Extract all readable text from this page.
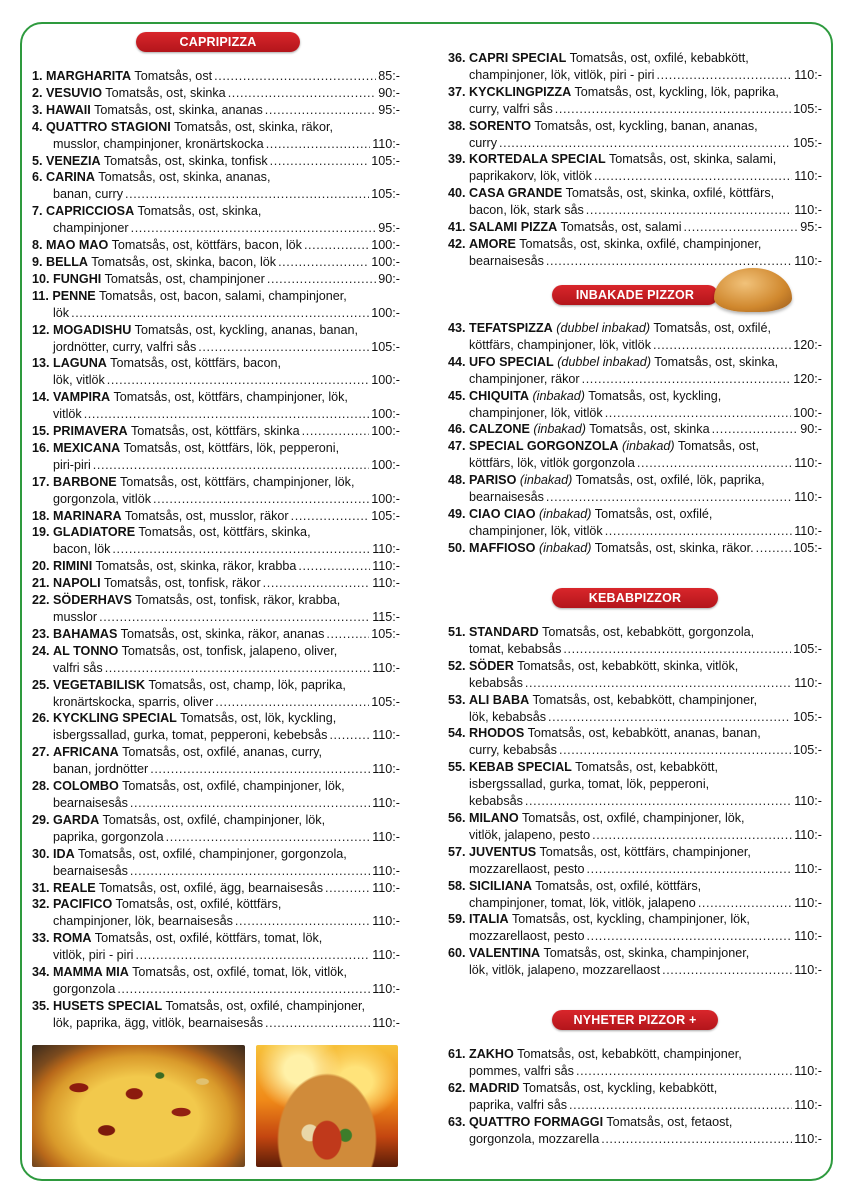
CAPRIPIZZA
1. MARGHARITA Tomatsås, ost .....	85:-
2. VESUVIO Tomatsås, ost, skinka .....	90:-
3. HAWAII Tomatsås, ost, skinka, ananas .....	95:-
4. QUATTRO STAGIONI Tomatsås, ost, skinka, räkor,
musslor, champinjoner, kronärtskocka .....	110:-
5. VENEZIA Tomatsås, ost, skinka, tonfisk .....	105:-
6. CARINA Tomatsås, ost, skinka, ananas,
banan, curry .....	105:-
7. CAPRICCIOSA Tomatsås, ost, skinka,
champinjoner .....	95:-
8. MAO MAO Tomatsås, ost, köttfärs, bacon, lök .....	100:-
9. BELLA Tomatsås, ost, skinka, bacon, lök .....	100:-
10. FUNGHI Tomatsås, ost, champinjoner .....	90:-
11. PENNE Tomatsås, ost, bacon, salami, champinjoner,
lök .....	100:-
12. MOGADISHU Tomatsås, ost, kyckling, ananas, banan,
jordnötter, curry, valfri sås .....	105:-
13. LAGUNA Tomatsås, ost, köttfärs, bacon,
lök, vitlök .....	100:-
14. VAMPIRA Tomatsås, ost, köttfärs, champinjoner, lök,
vitlök .....	100:-
15. PRIMAVERA Tomatsås, ost, köttfärs, skinka .....	100:-
16. MEXICANA Tomatsås, ost, köttfärs, lök, pepperoni,
piri-piri .....	100:-
17. BARBONE Tomatsås, ost, köttfärs, champinjoner, lök,
gorgonzola, vitlök .....	100:-
18. MARINARA Tomatsås, ost, musslor, räkor .....	105:-
19. GLADIATORE Tomatsås, ost, köttfärs, skinka,
bacon, lök .....	110:-
20. RIMINI Tomatsås, ost, skinka, räkor, krabba .....	110:-
21. NAPOLI Tomatsås, ost, tonfisk, räkor .....	110:-
22. SÖDERHAVS Tomatsås, ost, tonfisk, räkor, krabba,
musslor .....	115:-
23. BAHAMAS Tomatsås, ost, skinka, räkor, ananas .....	105:-
24. AL TONNO Tomatsås, ost, tonfisk, jalapeno, oliver,
valfri sås .....	110:-
25. VEGETABILISK Tomatsås, ost, champ, lök, paprika,
kronärtskocka, sparris, oliver .....	105:-
26. KYCKLING SPECIAL Tomatsås, ost, lök, kyckling,
isbergssallad, gurka, tomat, pepperoni, kebebsås .....	110:-
27. AFRICANA Tomatsås, ost, oxfilé, ananas, curry,
banan, jordnötter .....	110:-
28. COLOMBO Tomatsås, ost, oxfilé, champinjoner, lök,
bearnaisesås .....	110:-
29. GARDA Tomatsås, ost, oxfilé, champinjoner, lök,
paprika, gorgonzola .....	110:-
30. IDA Tomatsås, ost, oxfilé, champinjoner, gorgonzola,
bearnaisesås .....	110:-
31. REALE Tomatsås, ost, oxfilé, ägg, bearnaisesås .....	110:-
32. PACIFICO Tomatsås, ost, oxfilé, köttfärs,
champinjoner, lök, bearnaisesås .....	110:-
33. ROMA Tomatsås, ost, oxfilé, köttfärs, tomat, lök,
vitlök, piri - piri .....	110:-
34. MAMMA MIA Tomatsås, ost, oxfilé, tomat, lök, vitlök,
gorgonzola .....	110:-
35. HUSETS SPECIAL Tomatsås, ost, oxfilé, champinjoner,
lök, paprika, ägg, vitlök, bearnaisesås .....	110:-
36. CAPRI SPECIAL Tomatsås, ost, oxfilé, kebabkött,
champinjoner, lök, vitlök, piri - piri .....	110:-
37. KYCKLINGPIZZA Tomatsås, ost, kyckling, lök, paprika,
curry, valfri sås .....	105:-
38. SORENTO Tomatsås, ost, kyckling, banan, ananas,
curry .....	105:-
39. KORTEDALA SPECIAL Tomatsås, ost, skinka, salami,
paprikakorv, lök, vitlök .....	110:-
40. CASA GRANDE Tomatsås, ost, skinka, oxfilé, köttfärs,
bacon, lök, stark sås .....	110:-
41. SALAMI PIZZA Tomatsås, ost, salami .....	95:-
42. AMORE Tomatsås, ost, skinka, oxfilé, champinjoner,
bearnaisesås .....	110:-
INBAKADE PIZZOR
43. TEFATSPIZZA (dubbel inbakad) Tomatsås, ost, oxfilé,
köttfärs, champinjoner, lök, vitlök .....	120:-
44. UFO SPECIAL (dubbel inbakad) Tomatsås, ost, skinka,
champinjoner, räkor .....	120:-
45. CHIQUITA (inbakad) Tomatsås, ost, kyckling,
champinjoner, lök, vitlök .....	100:-
46. CALZONE (inbakad) Tomatsås, ost, skinka .....	90:-
47. SPECIAL GORGONZOLA (inbakad) Tomatsås, ost,
köttfärs, lök, vitlök gorgonzola .....	110:-
48. PARISO (inbakad) Tomatsås, ost, oxfilé, lök, paprika,
bearnaisesås .....	110:-
49. CIAO CIAO (inbakad) Tomatsås, ost, oxfilé,
champinjoner, lök, vitlök .....	110:-
50. MAFFIOSO (inbakad) Tomatsås, ost, skinka, räkor. .....	105:-
KEBABPIZZOR
51. STANDARD Tomatsås, ost, kebabkött, gorgonzola,
tomat, kebabsås .....	105:-
52. SÖDER Tomatsås, ost, kebabkött, skinka, vitlök,
kebabsås .....	110:-
53. ALI BABA Tomatsås, ost, kebabkött, champinjoner,
lök, kebabsås .....	105:-
54. RHODOS Tomatsås, ost, kebabkött, ananas, banan,
curry, kebabsås .....	105:-
55. KEBAB SPECIAL Tomatsås, ost, kebabkött,
isbergssallad, gurka, tomat, lök, pepperoni,
kebabsås .....	110:-
56. MILANO Tomatsås, ost, oxfilé, champinjoner, lök,
vitlök, jalapeno, pesto .....	110:-
57. JUVENTUS Tomatsås, ost, köttfärs, champinjoner,
mozzarellaost, pesto .....	110:-
58. SICILIANA Tomatsås, ost, oxfilé, köttfärs,
champinjoner, tomat, lök, vitlök, jalapeno .....	110:-
59. ITALIA Tomatsås, ost, kyckling, champinjoner, lök,
mozzarellaost, pesto .....	110:-
60. VALENTINA Tomatsås, ost, skinka, champinjoner,
lök, vitlök, jalapeno, mozzarellaost .....	110:-
NYHETER PIZZOR +
61. ZAKHO Tomatsås, ost, kebabkött, champinjoner,
pommes, valfri sås .....	110:-
62. MADRID Tomatsås, ost, kyckling, kebabkött,
paprika, valfri sås .....	110:-
63. QUATTRO FORMAGGI Tomatsås, ost, fetaost,
gorgonzola, mozzarella .....	110:-
